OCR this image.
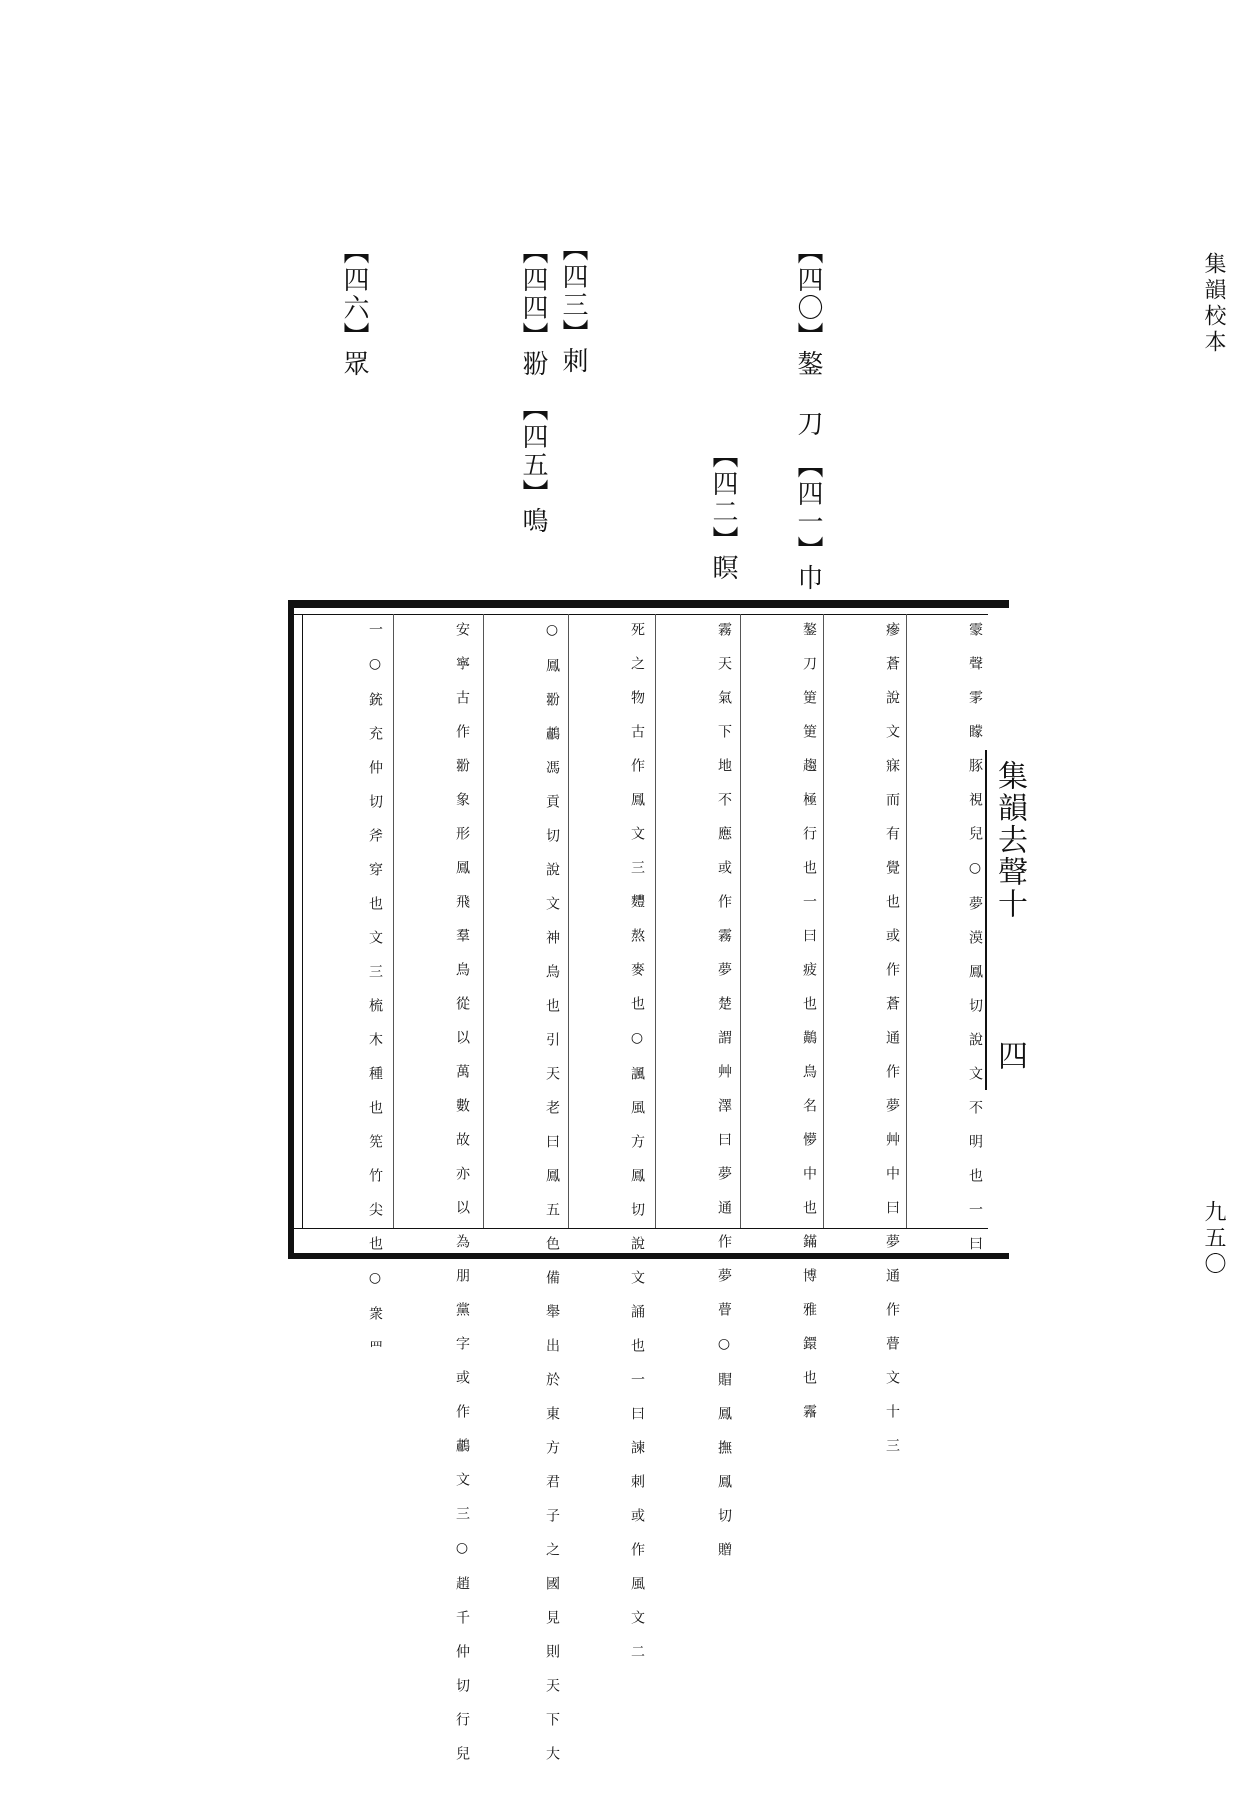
集韻校本
【四〇】鏊 刀
【四一】巾
【四二】瞑
【四三】刺
【四四】翂
【四五】鳴
【四六】眾
霥 聲 雺 矇 豚 視 兒 ○ 夢 漠 鳳 切 說 文 不 明 也 一 曰
瘮 蒼 說 文 寐 而 有 覺 也 或 作 蒼 通 作 夢 艸 中 曰 夢 通 作 瞢 文 十 三
鏊 刀 筻 筻 趨 極 行 也 一 曰 疲 也 鷬 鳥 名 懜 中 也 鏋 博 雅 鐶 也 霿
霧 天 氣 下 地 不 應 或 作 霧 夢 楚 謂 艸 澤 曰 夢 通 作 夢 瞢 ○ 賵 鳳 撫 鳳 切 贈
死 之 物 古 作 鳳 文 三 麷 熬 麥 也 ○ 諷 風 方 鳳 切 說 文 誦 也 一 曰 諫 刺 或 作 風 文 二
○ 鳳 翂 鷫 馮 貢 切 說 文 神 鳥 也 引 天 老 曰 鳳 五 色 備 舉 出 於 東 方 君 子 之 國 見 則 天 下 大
安 寧 古 作 翂 象 形 鳳 飛 羣 鳥 從 以 萬 數 故 亦 以 為 朋 黨 字 或 作 鷫 文 三 ○ 趙 千 仲 切 行 兒
一 ○ 銃 充 仲 切 斧 穿 也 文 三 梳 木 種 也 筅 竹 尖 也 ○ 衆 罒	集韻去聲十
四
九五〇
